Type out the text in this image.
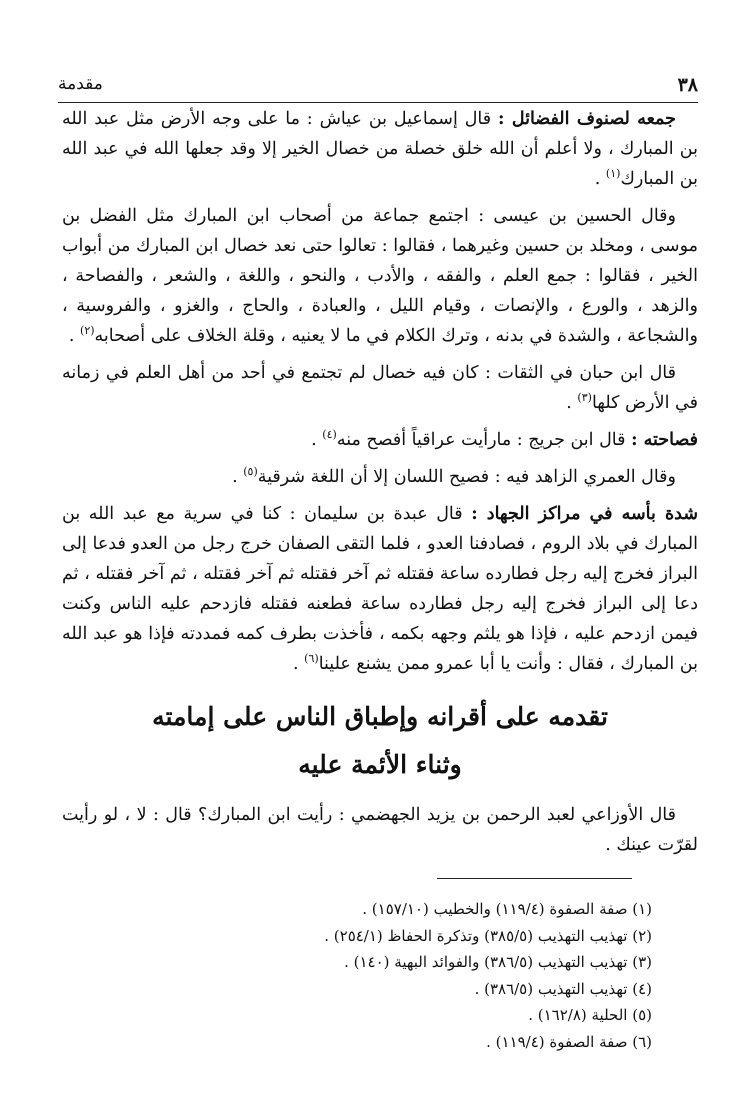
٣٨
مقدمة

جمعه لصنوف الفضائل : قال إسماعيل بن عياش : ما على وجه الأرض مثل عبد الله بن المبارك ، ولا أعلم أن الله خلق خصلة من خصال الخير إلا وقد جعلها الله في عبد الله بن المبارك$^{(١)}$ .

وقال الحسين بن عيسى : اجتمع جماعة من أصحاب ابن المبارك مثل الفضل بن موسى ، ومخلد بن حسين وغيرهما ، فقالوا : تعالوا حتى نعد خصال ابن المبارك من أبواب الخير ، فقالوا : جمع العلم ، والفقه ، والأدب ، والنحو ، واللغة ، والشعر ، والفصاحة ، والزهد ، والورع ، والإنصات ، وقيام الليل ، والعبادة ، والحاج ، والغزو ، والفروسية ، والشجاعة ، والشدة في بدنه ، وترك الكلام في ما لا يعنيه ، وقلة الخلاف على أصحابه$^{(٢)}$ .

قال ابن حبان في الثقات : كان فيه خصال لم تجتمع في أحد من أهل العلم في زمانه في الأرض كلها$^{(٣)}$ .

فصاحته : قال ابن جريج : مارأيت عراقياً أفصح منه$^{(٤)}$ .

وقال العمري الزاهد فيه : فصيح اللسان إلا أن اللغة شرقية$^{(٥)}$ .

شدة بأسه في مراكز الجهاد : قال عبدة بن سليمان : كنا في سرية مع عبد الله بن المبارك في بلاد الروم ، فصادفنا العدو ، فلما التقى الصفان خرج رجل من العدو فدعا إلى البراز فخرج إليه رجل فطارده ساعة فقتله ثم آخر فقتله ثم آخر فقتله ، ثم آخر فقتله ، ثم دعا إلى البراز فخرج إليه رجل فطارده ساعة فطعنه فقتله فازدحم عليه الناس وكنت فيمن ازدحم عليه ، فإذا هو يلثم وجهه بكمه ، فأخذت بطرف كمه فمددته فإذا هو عبد الله بن المبارك ، فقال : وأنت يا أبا عمرو ممن يشنع علينا$^{(٦)}$ .

تقدمه على أقرانه وإطباق الناس على إمامته
وثناء الأئمة عليه

قال الأوزاعي لعبد الرحمن بن يزيد الجهضمي : رأيت ابن المبارك؟ قال : لا ، لو رأيت لقرّت عينك .

(١) صفة الصفوة (١١٩/٤) والخطيب (١٥٧/١٠) .

(٢) تهذيب التهذيب (٣٨٥/٥) وتذكرة الحفاظ (٢٥٤/١) .

(٣) تهذيب التهذيب (٣٨٦/٥) والفوائد البهية (١٤٠) .

(٤) تهذيب التهذيب (٣٨٦/٥) .

(٥) الحلية (١٦٢/٨) .

(٦) صفة الصفوة (١١٩/٤) .
